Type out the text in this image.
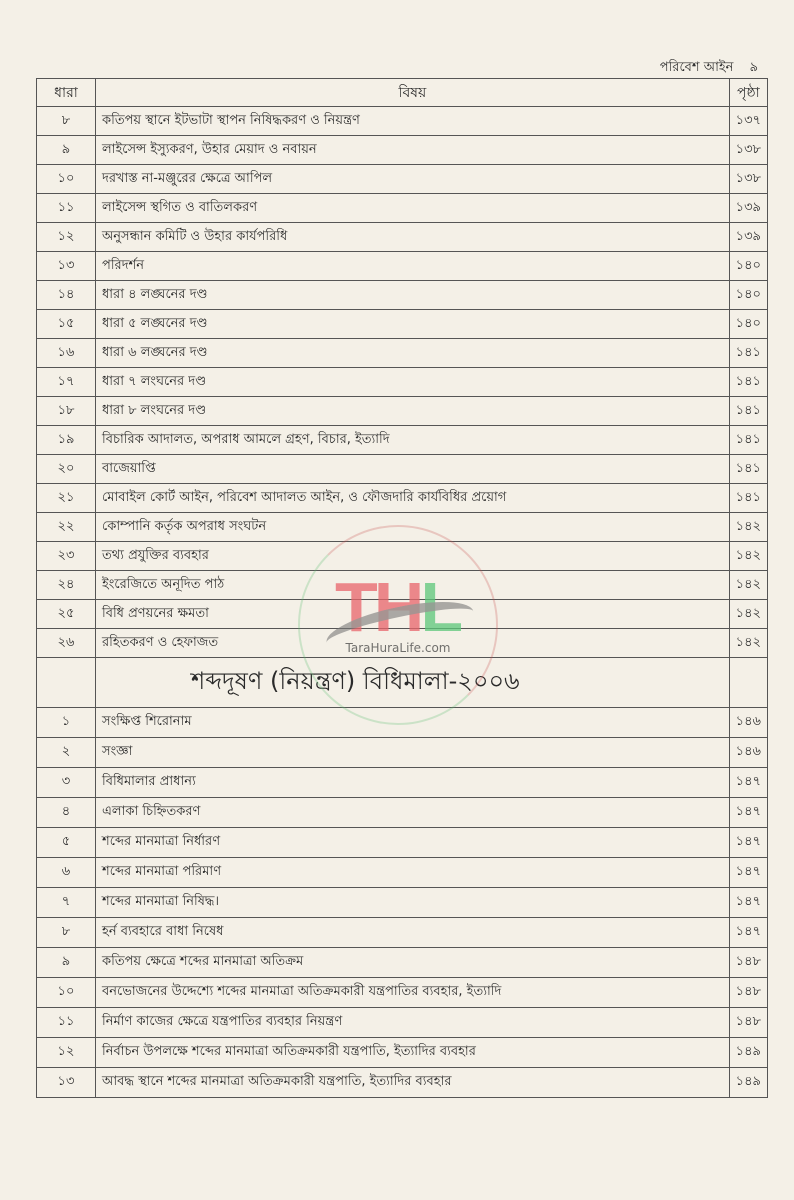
পরিবেশ আইন ৯
ধারা	বিষয়	পৃষ্ঠা
৮	কতিপয় স্থানে ইটভাটা স্থাপন নিষিদ্ধকরণ ও নিয়ন্ত্রণ	১৩৭
৯	লাইসেন্স ইস্যুকরণ, উহার মেয়াদ ও নবায়ন	১৩৮
১০	দরখাস্ত না-মঞ্জুরের ক্ষেত্রে আপিল	১৩৮
১১	লাইসেন্স স্থগিত ও বাতিলকরণ	১৩৯
১২	অনুসন্ধান কমিটি ও উহার কার্যপরিধি	১৩৯
১৩	পরিদর্শন	১৪০
১৪	ধারা ৪ লঙ্ঘনের দণ্ড	১৪০
১৫	ধারা ৫ লঙ্ঘনের দণ্ড	১৪০
১৬	ধারা ৬ লঙ্ঘনের দণ্ড	১৪১
১৭	ধারা ৭ লংঘনের দণ্ড	১৪১
১৮	ধারা ৮ লংঘনের দণ্ড	১৪১
১৯	বিচারিক আদালত, অপরাধ আমলে গ্রহণ, বিচার, ইত্যাদি	১৪১
২০	বাজেয়াপ্তি	১৪১
২১	মোবাইল কোর্ট আইন, পরিবেশ আদালত আইন, ও ফৌজদারি কার্যবিধির প্রয়োগ	১৪১
২২	কোম্পানি কর্তৃক অপরাধ সংঘটন	১৪২
২৩	তথ্য প্রযুক্তির ব্যবহার	১৪২
২৪	ইংরেজিতে অনূদিত পাঠ	১৪২
২৫	বিধি প্রণয়নের ক্ষমতা	১৪২
২৬	রহিতকরণ ও হেফাজত	১৪২
	শব্দদূষণ (নিয়ন্ত্রণ) বিধিমালা-২০০৬	
১	সংক্ষিপ্ত শিরোনাম	১৪৬
২	সংজ্ঞা	১৪৬
৩	বিধিমালার প্রাধান্য	১৪৭
৪	এলাকা চিহ্নিতকরণ	১৪৭
৫	শব্দের মানমাত্রা নির্ধারণ	১৪৭
৬	শব্দের মানমাত্রা পরিমাণ	১৪৭
৭	শব্দের মানমাত্রা নিষিদ্ধ।	১৪৭
৮	হর্ন ব্যবহারে বাধা নিষেধ	১৪৭
৯	কতিপয় ক্ষেত্রে শব্দের মানমাত্রা অতিক্রম	১৪৮
১০	বনভোজনের উদ্দেশ্যে শব্দের মানমাত্রা অতিক্রমকারী যন্ত্রপাতির ব্যবহার, ইত্যাদি	১৪৮
১১	নির্মাণ কাজের ক্ষেত্রে যন্ত্রপাতির ব্যবহার নিয়ন্ত্রণ	১৪৮
১২	নির্বাচন উপলক্ষে শব্দের মানমাত্রা অতিক্রমকারী যন্ত্রপাতি, ইত্যাদির ব্যবহার	১৪৯
১৩	আবদ্ধ স্থানে শব্দের মানমাত্রা অতিক্রমকারী যন্ত্রপাতি, ইত্যাদির ব্যবহার	১৪৯
THL
TaraHuraLife.com
